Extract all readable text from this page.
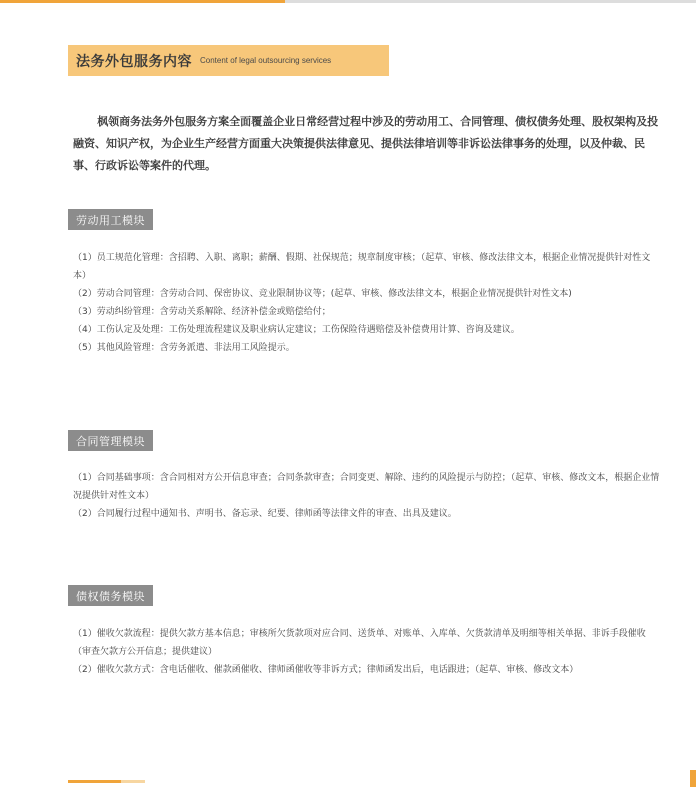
法务外包服务内容 Content of legal outsourcing services

枫领商务法务外包服务方案全面覆盖企业日常经营过程中涉及的劳动用工、合同管理、债权债务处理、股权架构及投融资、知识产权，为企业生产经营方面重大决策提供法律意见、提供法律培训等非诉讼法律事务的处理，以及仲裁、民事、行政诉讼等案件的代理。

劳动用工模块
（1）员工规范化管理：含招聘、入职、离职；薪酬、假期、社保规范；规章制度审核；（起草、审核、修改法律文本，根据企业情况提供针对性文本）
（2）劳动合同管理：含劳动合同、保密协议、竞业限制协议等；(起草、审核、修改法律文本，根据企业情况提供针对性文本)
（3）劳动纠纷管理：含劳动关系解除、经济补偿金或赔偿给付；
（4）工伤认定及处理：工伤处理流程建议及职业病认定建议；工伤保险待遇赔偿及补偿费用计算、咨询及建议。
（5）其他风险管理：含劳务派遣、非法用工风险提示。
合同管理模块
（1）合同基础事项：含合同相对方公开信息审查；合同条款审查；合同变更、解除、违约的风险提示与防控；（起草、审核、修改文本，根据企业情况提供针对性文本）
（2）合同履行过程中通知书、声明书、备忘录、纪要、律师函等法律文件的审查、出具及建议。
债权债务模块
（1）催收欠款流程：提供欠款方基本信息；审核所欠货款项对应合同、送货单、对账单、入库单、欠货款清单及明细等相关单据、非诉手段催收（审查欠款方公开信息；提供建议）
（2）催收欠款方式：含电话催收、催款函催收、律师函催收等非诉方式；律师函发出后，电话跟进；（起草、审核、修改文本）
